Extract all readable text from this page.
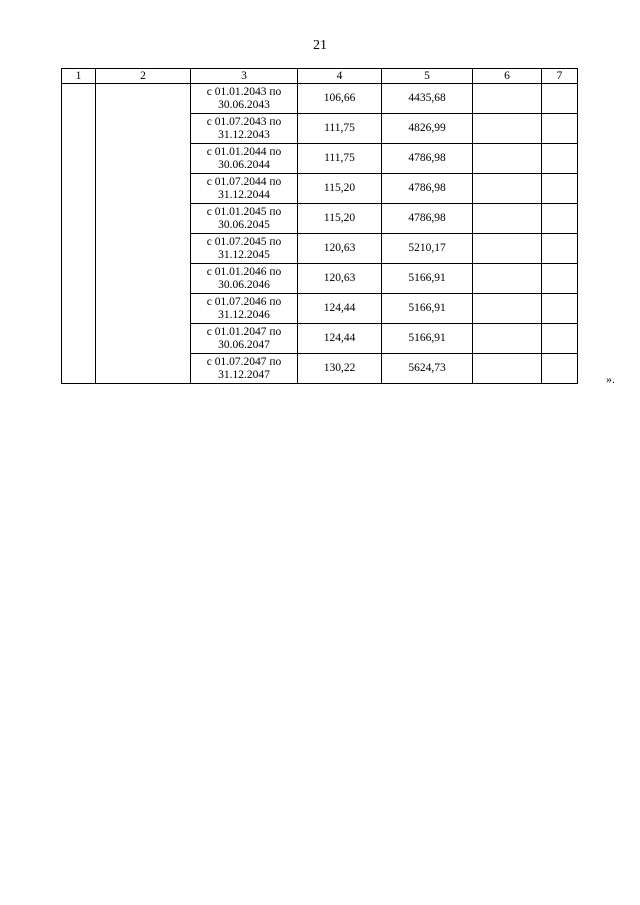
21
1	2	3	4	5	6	7
		с 01.01.2043 по 30.06.2043	106,66	4435,68		
		с 01.07.2043 по 31.12.2043	111,75	4826,99		
		с 01.01.2044 по 30.06.2044	111,75	4786,98		
		с 01.07.2044 по 31.12.2044	115,20	4786,98		
		с 01.01.2045 по 30.06.2045	115,20	4786,98		
		с 01.07.2045 по 31.12.2045	120,63	5210,17		
		с 01.01.2046 по 30.06.2046	120,63	5166,91		
		с 01.07.2046 по 31.12.2046	124,44	5166,91		
		с 01.01.2047 по 30.06.2047	124,44	5166,91		
		с 01.07.2047 по 31.12.2047	130,22	5624,73		
».
